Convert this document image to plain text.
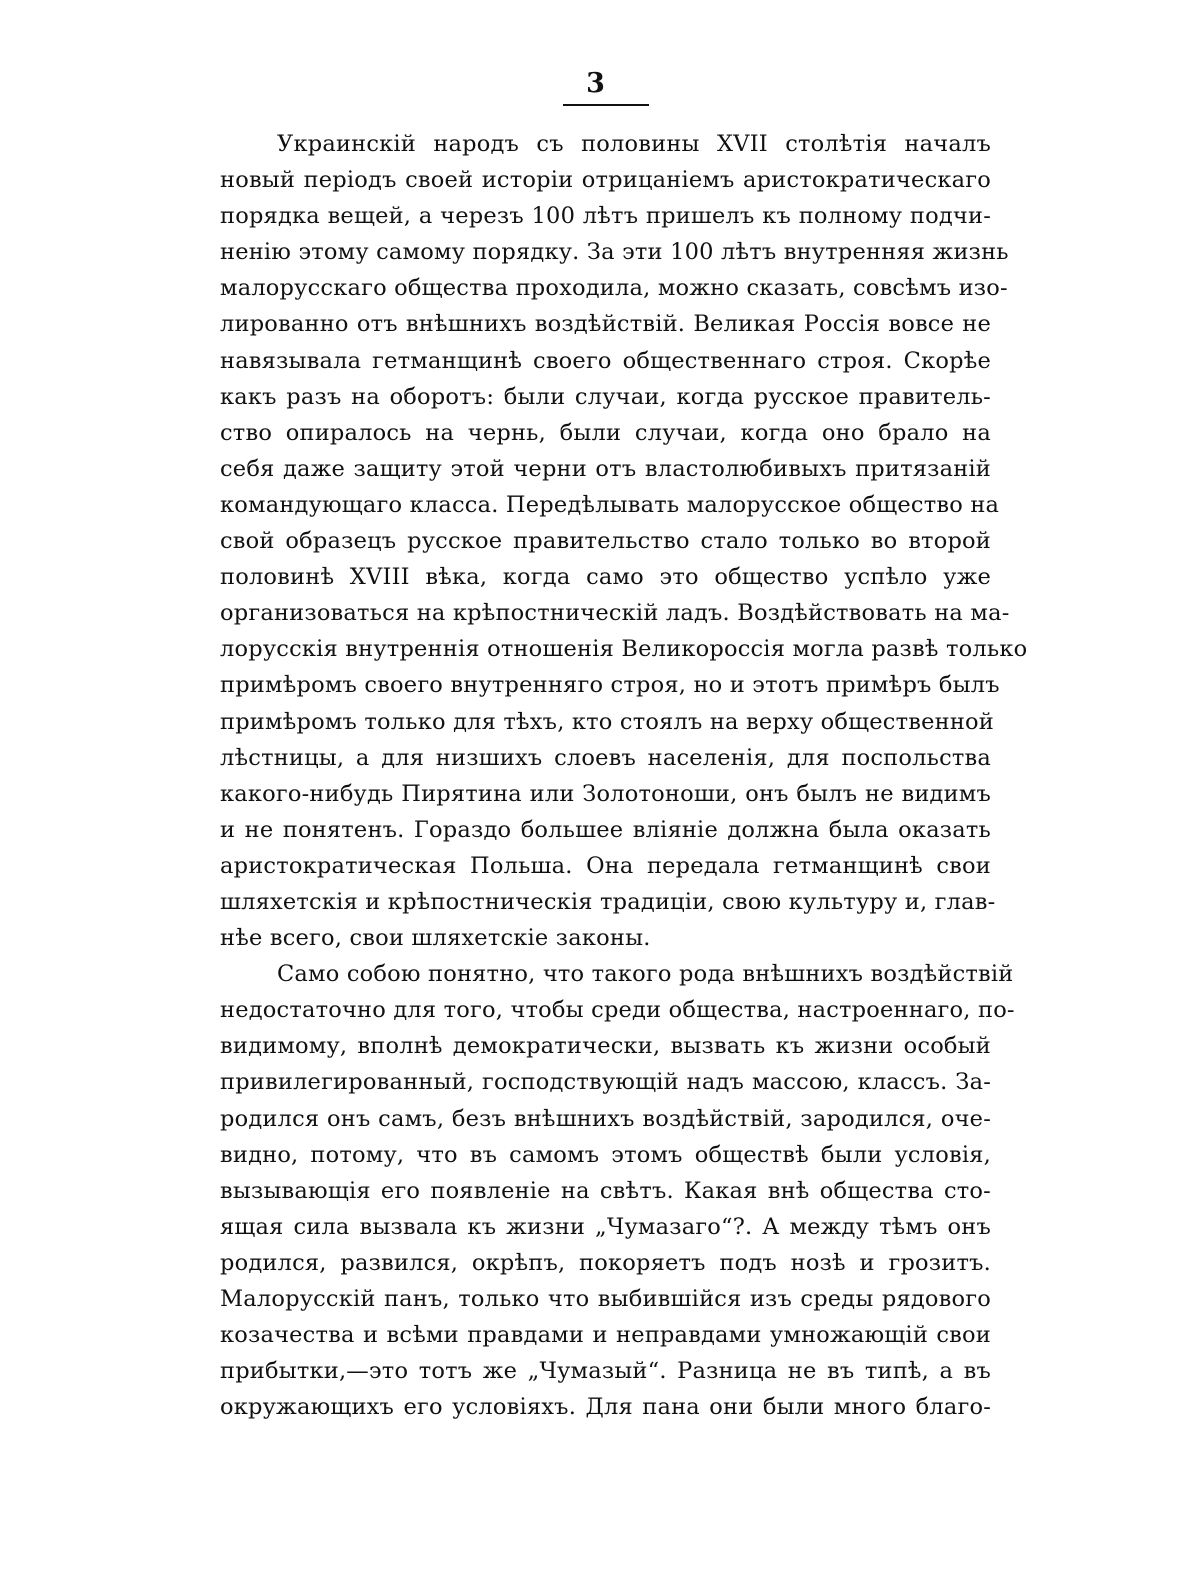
3
Украинскій народъ съ половины XVII столѣтія началъ
новый періодъ своей исторіи отрицаніемъ аристократическаго
порядка вещей, а черезъ 100 лѣтъ пришелъ къ полному подчи-
ненію этому самому порядку. За эти 100 лѣтъ внутренняя жизнь
малорусскаго общества проходила, можно сказать, совсѣмъ изо-
лированно отъ внѣшнихъ воздѣйствій. Великая Россія вовсе не
навязывала гетманщинѣ своего общественнаго строя. Скорѣе
какъ разъ на оборотъ: были случаи, когда русское правитель-
ство опиралось на чернь, были случаи, когда оно брало на
себя даже защиту этой черни отъ властолюбивыхъ притязаній
командующаго класса. Передѣлывать малорусское общество на
свой образецъ русское правительство стало только во второй
половинѣ XVIII вѣка, когда само это общество успѣло уже
организоваться на крѣпостническій ладъ. Воздѣйствовать на ма-
лорусскія внутреннія отношенія Великороссія могла развѣ только
примѣромъ своего внутренняго строя, но и этотъ примѣръ былъ
примѣромъ только для тѣхъ, кто стоялъ на верху общественной
лѣстницы, а для низшихъ слоевъ населенія, для поспольства
какого-нибудь Пирятина или Золотоноши, онъ былъ не видимъ
и не понятенъ. Гораздо большее вліяніе должна была оказать
аристократическая Польша. Она передала гетманщинѣ свои
шляхетскія и крѣпостническія традиціи, свою культуру и, глав-
нѣе всего, свои шляхетскіе законы.
Само собою понятно, что такого рода внѣшнихъ воздѣйствій
недостаточно для того, чтобы среди общества, настроеннаго, по-
видимому, вполнѣ демократически, вызвать къ жизни особый
привилегированный, господствующій надъ массою, классъ. За-
родился онъ самъ, безъ внѣшнихъ воздѣйствій, зародился, оче-
видно, потому, что въ самомъ этомъ обществѣ были условія,
вызывающія его появленіе на свѣтъ. Какая внѣ общества сто-
ящая сила вызвала къ жизни „Чумазаго“?. А между тѣмъ онъ
родился, развился, окрѣпъ, покоряетъ подъ нозѣ и грозитъ.
Малорусскій панъ, только что выбившійся изъ среды рядового
козачества и всѣми правдами и неправдами умножающій свои
прибытки,—это тотъ же „Чумазый“. Разница не въ типѣ, а въ
окружающихъ его условіяхъ. Для пана они были много благо-
